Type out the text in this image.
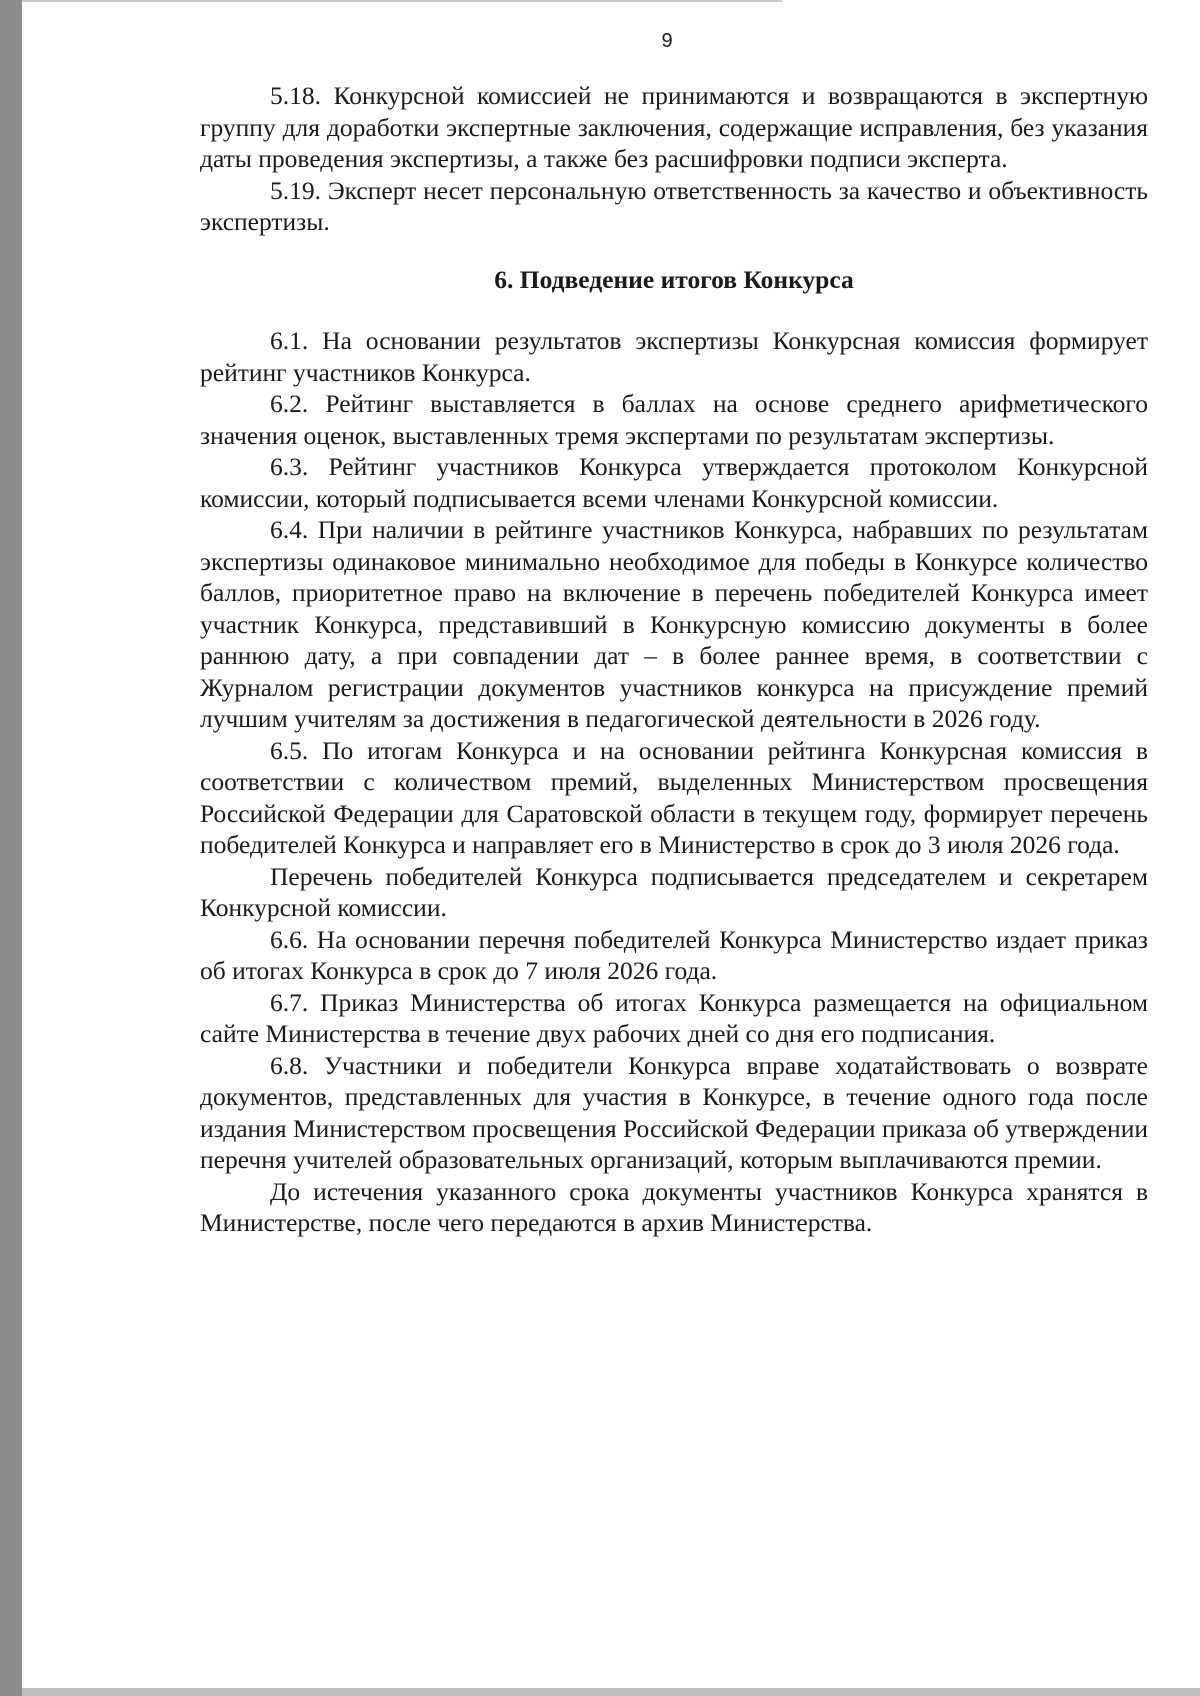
9

5.18. Конкурсной комиссией не принимаются и возвращаются в экспертную группу для доработки экспертные заключения, содержащие исправления, без указания даты проведения экспертизы, а также без расшифровки подписи эксперта.

5.19. Эксперт несет персональную ответственность за качество и объективность экспертизы.

6. Подведение итогов Конкурса

6.1. На основании результатов экспертизы Конкурсная комиссия формирует рейтинг участников Конкурса.

6.2. Рейтинг выставляется в баллах на основе среднего арифметического значения оценок, выставленных тремя экспертами по результатам экспертизы.

6.3. Рейтинг участников Конкурса утверждается протоколом Конкурсной комиссии, который подписывается всеми членами Конкурсной комиссии.

6.4. При наличии в рейтинге участников Конкурса, набравших по результатам экспертизы одинаковое минимально необходимое для победы в Конкурсе количество баллов, приоритетное право на включение в перечень победителей Конкурса имеет участник Конкурса, представивший в Конкурсную комиссию документы в более раннюю дату, а при совпадении дат – в более раннее время, в соответствии с Журналом регистрации документов участников конкурса на присуждение премий лучшим учителям за достижения в педагогической деятельности в 2026 году.

6.5. По итогам Конкурса и на основании рейтинга Конкурсная комиссия в соответствии с количеством премий, выделенных Министерством просвещения Российской Федерации для Саратовской области в текущем году, формирует перечень победителей Конкурса и направляет его в Министерство в срок до 3 июля 2026 года.

Перечень победителей Конкурса подписывается председателем и секретарем Конкурсной комиссии.

6.6. На основании перечня победителей Конкурса Министерство издает приказ об итогах Конкурса в срок до 7 июля 2026 года.

6.7. Приказ Министерства об итогах Конкурса размещается на официальном сайте Министерства в течение двух рабочих дней со дня его подписания.

6.8. Участники и победители Конкурса вправе ходатайствовать о возврате документов, представленных для участия в Конкурсе, в течение одного года после издания Министерством просвещения Российской Федерации приказа об утверждении перечня учителей образовательных организаций, которым выплачиваются премии.

До истечения указанного срока документы участников Конкурса хранятся в Министерстве, после чего передаются в архив Министерства.
